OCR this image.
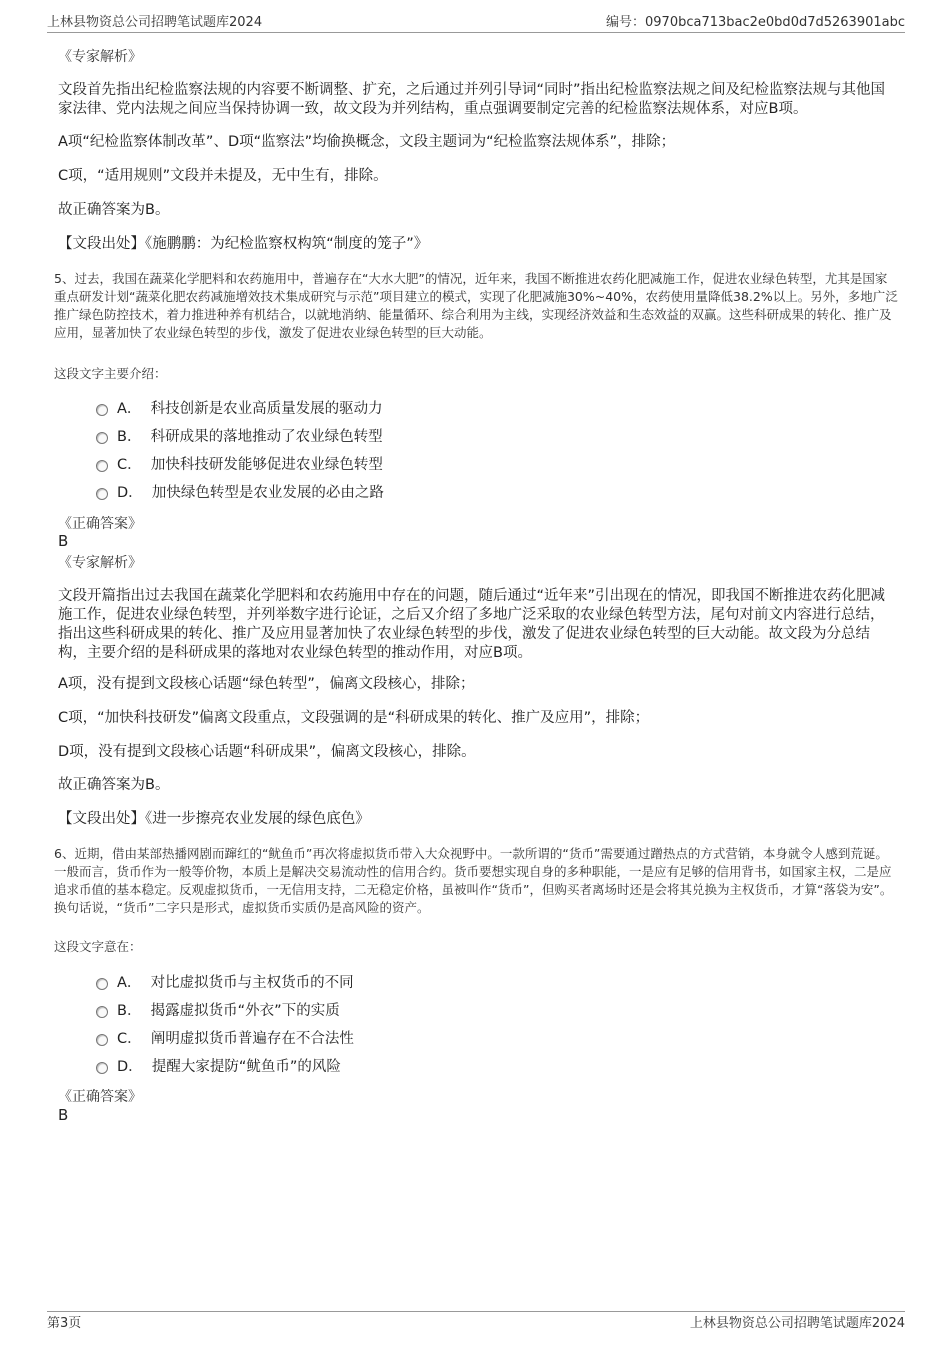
上林县物资总公司招聘笔试题库2024	编号：0970bca713bac2e0bd0d7d5263901abc
《专家解析》
文段首先指出纪检监察法规的内容要不断调整、扩充，之后通过并列引导词“同时”指出纪检监察法规之间及纪检监察法规与其他国家法律、党内法规之间应当保持协调一致，故文段为并列结构，重点强调要制定完善的纪检监察法规体系，对应B项。
A项“纪检监察体制改革”、D项“监察法”均偷换概念，文段主题词为“纪检监察法规体系”，排除；
C项，“适用规则”文段并未提及，无中生有，排除。
故正确答案为B。
【文段出处】《施鹏鹏：为纪检监察权构筑“制度的笼子”》
5、过去，我国在蔬菜化学肥料和农药施用中，普遍存在“大水大肥”的情况，近年来，我国不断推进农药化肥减施工作，促进农业绿色转型，尤其是国家重点研发计划“蔬菜化肥农药减施增效技术集成研究与示范”项目建立的模式，实现了化肥减施30%~40%，农药使用量降低38.2%以上。另外，多地广泛推广绿色防控技术，着力推进种养有机结合，以就地消纳、能量循环、综合利用为主线，实现经济效益和生态效益的双赢。这些科研成果的转化、推广及应用，显著加快了农业绿色转型的步伐，激发了促进农业绿色转型的巨大动能。
这段文字主要介绍：
A． 科技创新是农业高质量发展的驱动力
B． 科研成果的落地推动了农业绿色转型
C． 加快科技研发能够促进农业绿色转型
D． 加快绿色转型是农业发展的必由之路
《正确答案》
B
《专家解析》
文段开篇指出过去我国在蔬菜化学肥料和农药施用中存在的问题，随后通过“近年来”引出现在的情况，即我国不断推进农药化肥减施工作，促进农业绿色转型，并列举数字进行论证，之后又介绍了多地广泛采取的农业绿色转型方法，尾句对前文内容进行总结，指出这些科研成果的转化、推广及应用显著加快了农业绿色转型的步伐，激发了促进农业绿色转型的巨大动能。故文段为分总结构，主要介绍的是科研成果的落地对农业绿色转型的推动作用，对应B项。
A项，没有提到文段核心话题“绿色转型”，偏离文段核心，排除；
C项，“加快科技研发”偏离文段重点，文段强调的是“科研成果的转化、推广及应用”，排除；
D项，没有提到文段核心话题“科研成果”，偏离文段核心，排除。
故正确答案为B。
【文段出处】《进一步擦亮农业发展的绿色底色》
6、近期，借由某部热播网剧而蹿红的“鱿鱼币”再次将虚拟货币带入大众视野中。一款所谓的“货币”需要通过蹭热点的方式营销，本身就令人感到荒诞。一般而言，货币作为一般等价物，本质上是解决交易流动性的信用合约。货币要想实现自身的多种职能，一是应有足够的信用背书，如国家主权，二是应追求币值的基本稳定。反观虚拟货币，一无信用支持，二无稳定价格，虽被叫作“货币”，但购买者离场时还是会将其兑换为主权货币，才算“落袋为安”。换句话说，“货币”二字只是形式，虚拟货币实质仍是高风险的资产。
这段文字意在：
A． 对比虚拟货币与主权货币的不同
B． 揭露虚拟货币“外衣”下的实质
C． 阐明虚拟货币普遍存在不合法性
D． 提醒大家提防“鱿鱼币”的风险
《正确答案》
B
第3页	上林县物资总公司招聘笔试题库2024
